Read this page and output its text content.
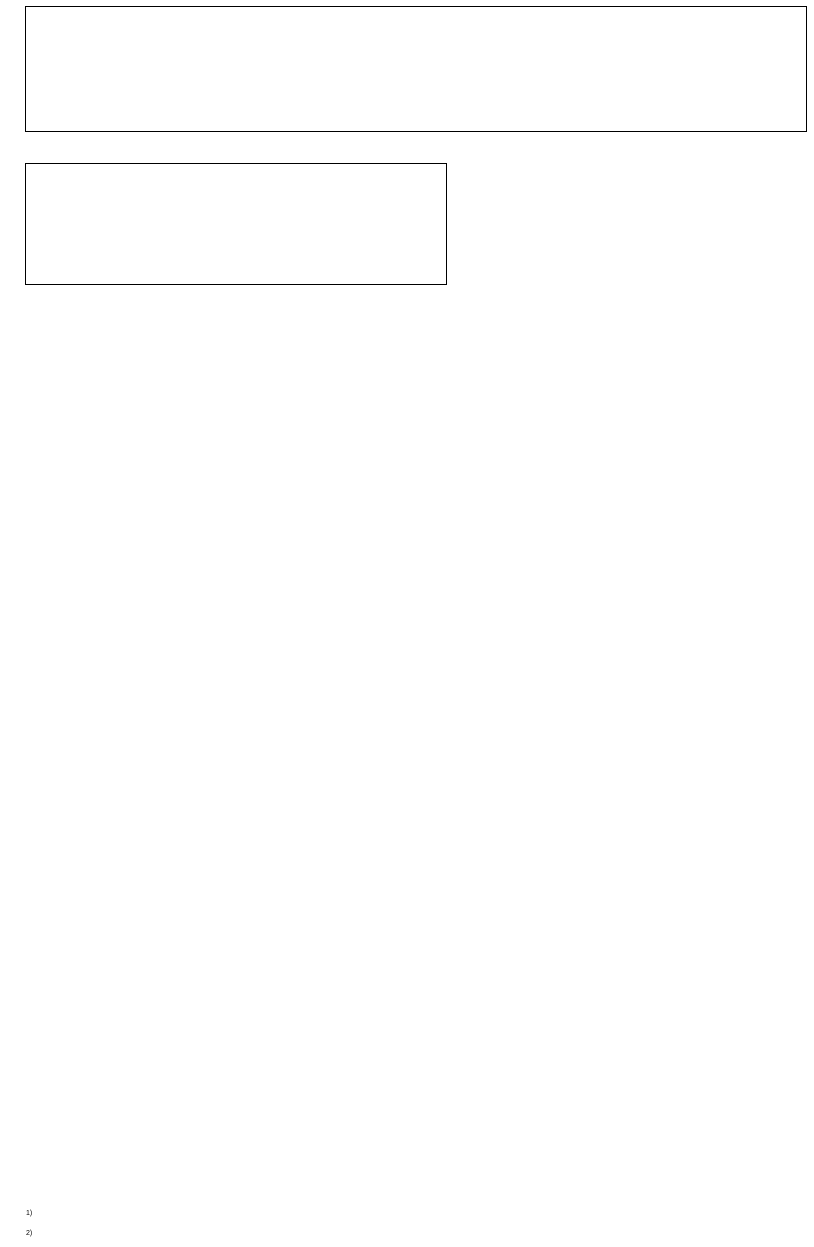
$^{1)}$
$^{2)}$
